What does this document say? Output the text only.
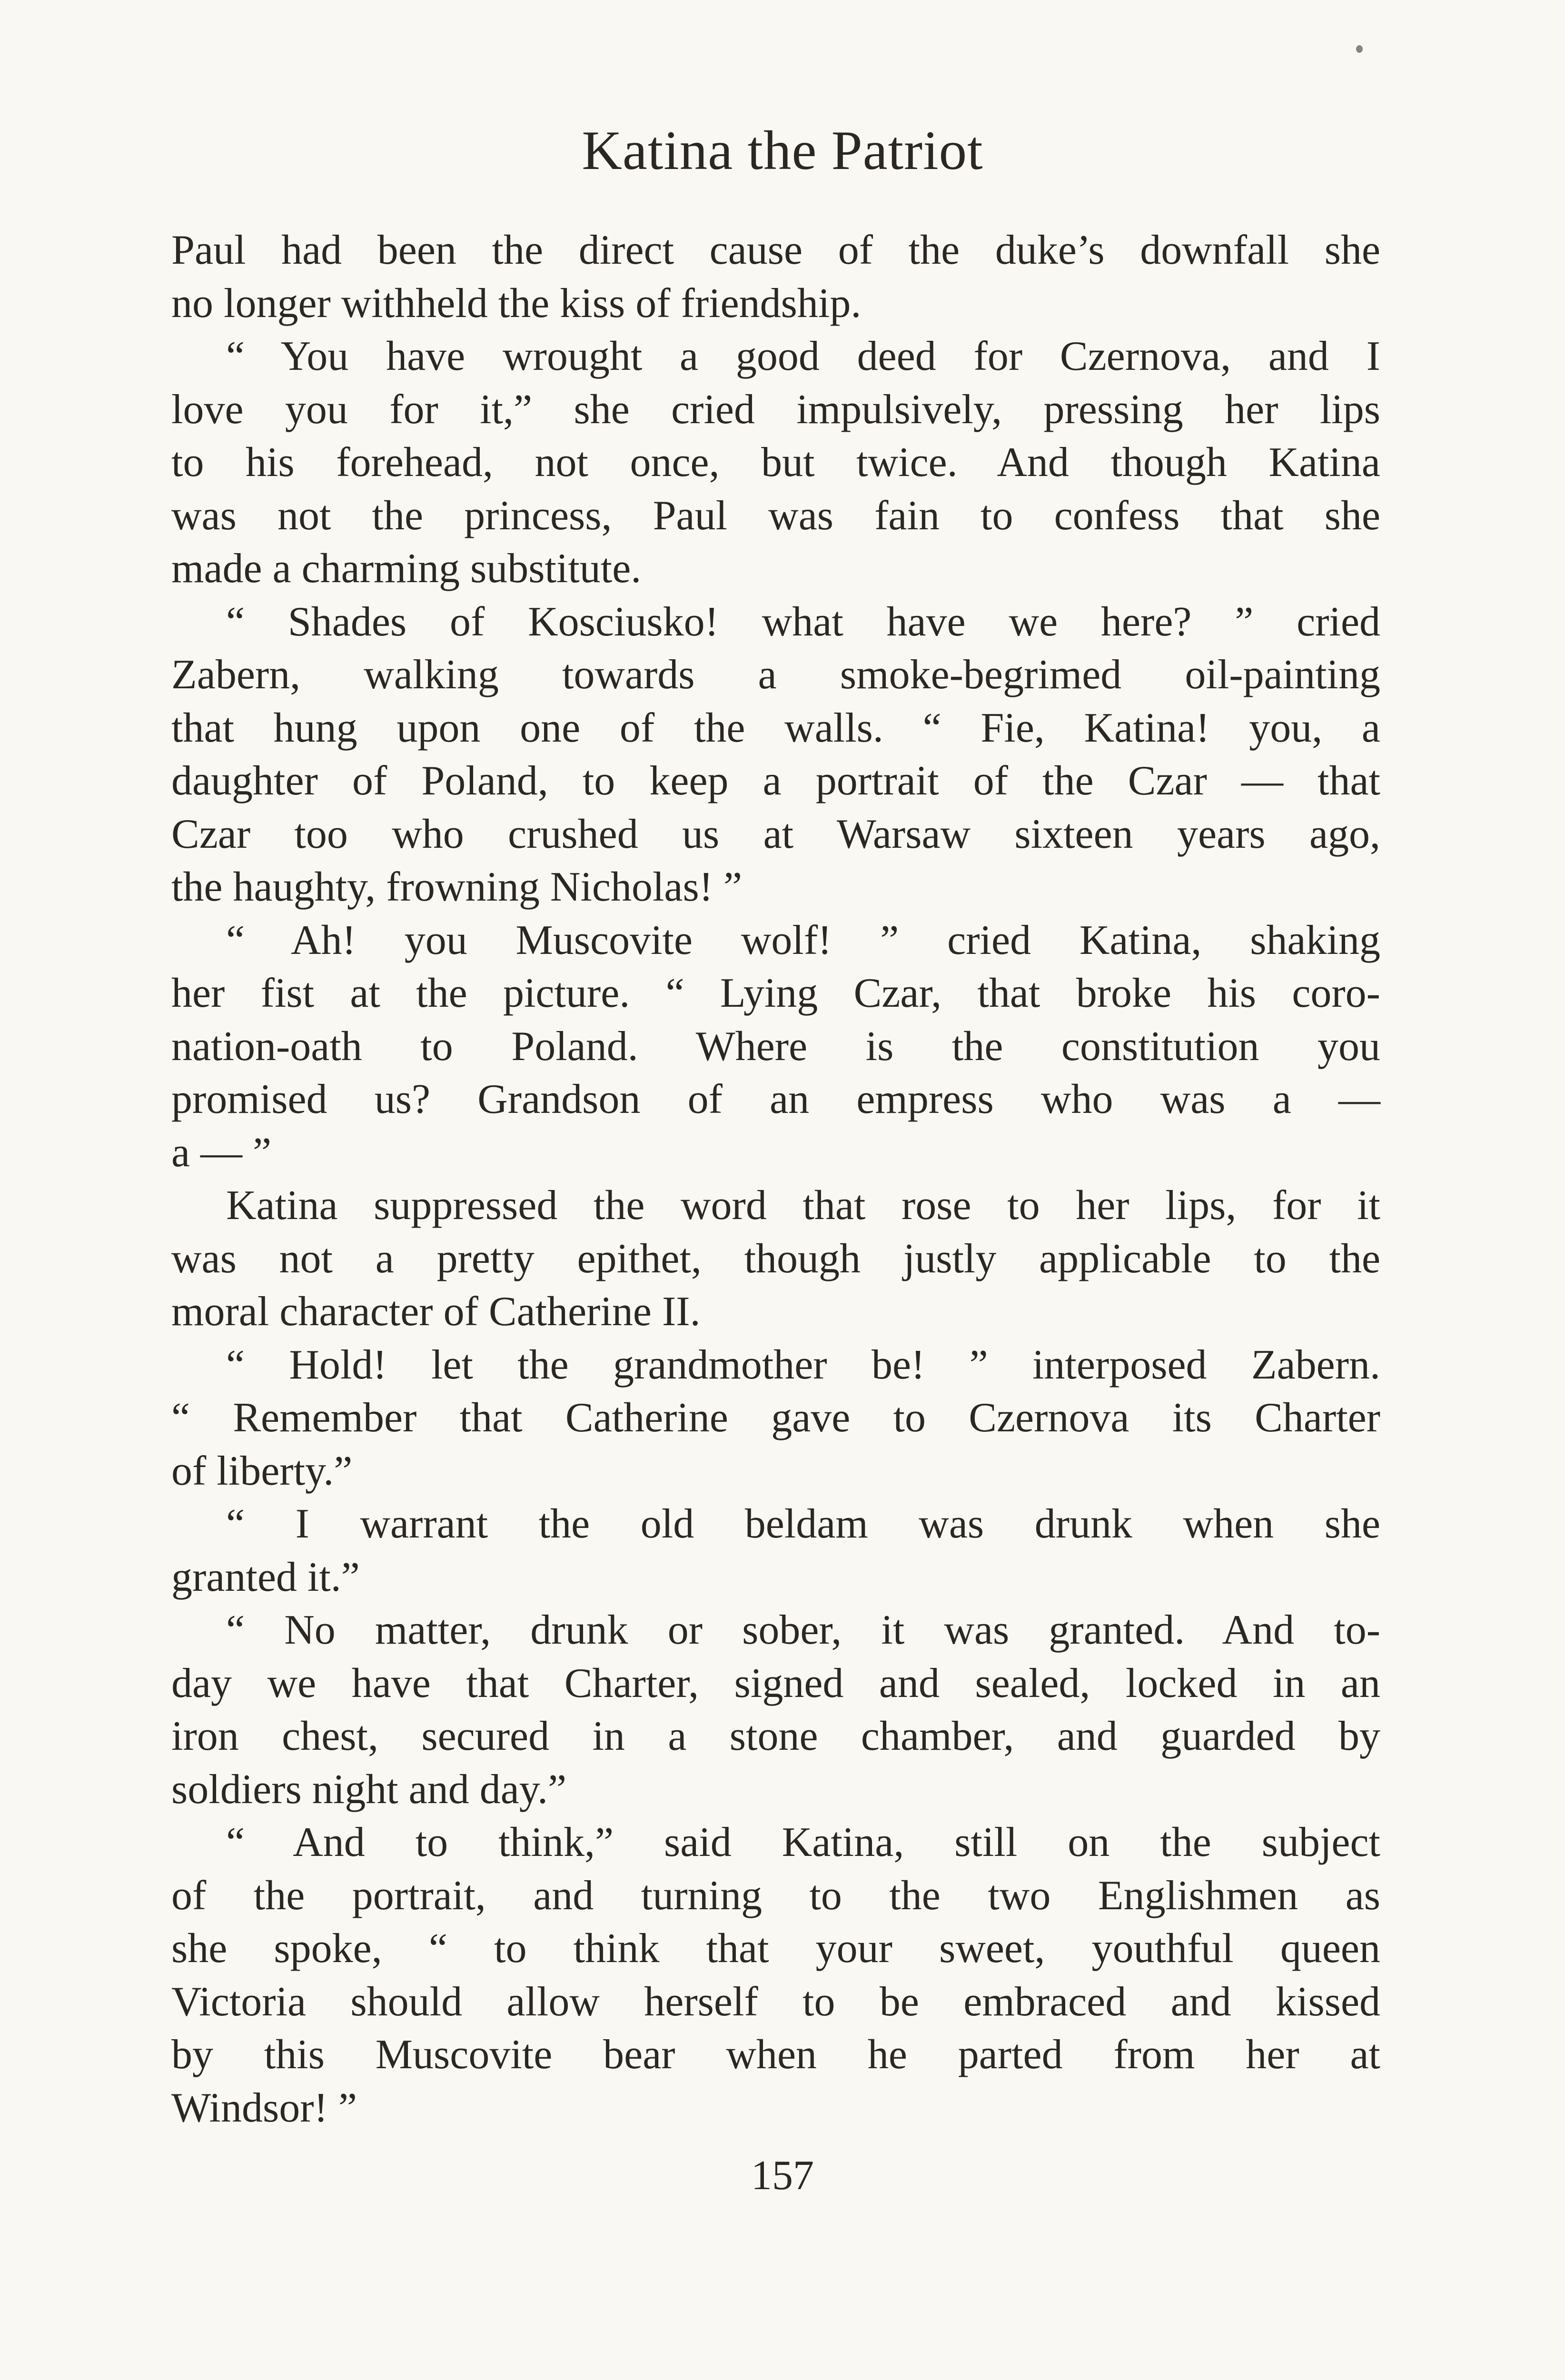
Katina the Patriot
Paul had been the direct cause of the duke’s downfall she
no longer withheld the kiss of friendship.
“ You have wrought a good deed for Czernova, and I
love you for it,” she cried impulsively, pressing her lips
to his forehead, not once, but twice. And though Katina
was not the princess, Paul was fain to confess that she
made a charming substitute.
“ Shades of Kosciusko! what have we here? ” cried
Zabern, walking towards a smoke-begrimed oil-painting
that hung upon one of the walls. “ Fie, Katina! you, a
daughter of Poland, to keep a portrait of the Czar — that
Czar too who crushed us at Warsaw sixteen years ago,
the haughty, frowning Nicholas! ”
“ Ah! you Muscovite wolf! ” cried Katina, shaking
her fist at the picture. “ Lying Czar, that broke his coro-
nation-oath to Poland. Where is the constitution you
promised us? Grandson of an empress who was a —
a — ”
Katina suppressed the word that rose to her lips, for it
was not a pretty epithet, though justly applicable to the
moral character of Catherine II.
“ Hold! let the grandmother be! ” interposed Zabern.
“ Remember that Catherine gave to Czernova its Charter
of liberty.”
“ I warrant the old beldam was drunk when she
granted it.”
“ No matter, drunk or sober, it was granted. And to-
day we have that Charter, signed and sealed, locked in an
iron chest, secured in a stone chamber, and guarded by
soldiers night and day.”
“ And to think,” said Katina, still on the subject
of the portrait, and turning to the two Englishmen as
she spoke, “ to think that your sweet, youthful queen
Victoria should allow herself to be embraced and kissed
by this Muscovite bear when he parted from her at
Windsor! ”
157
